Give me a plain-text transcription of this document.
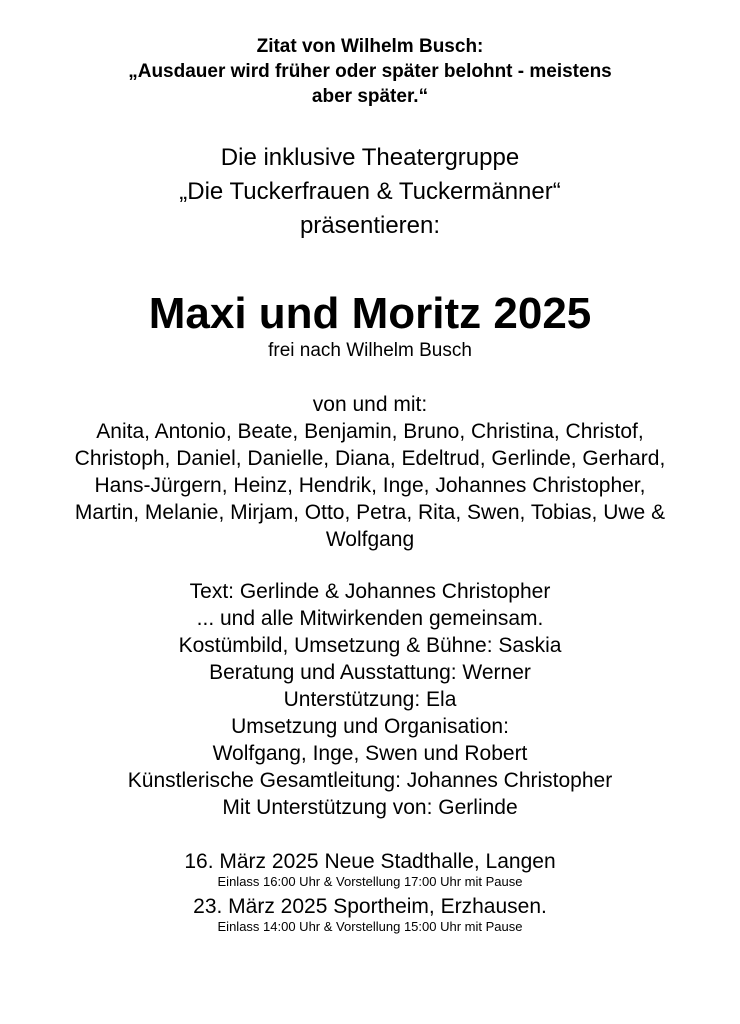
Zitat von Wilhelm Busch:
„Ausdauer wird früher oder später belohnt - meistens
aber später.“
Die inklusive Theatergruppe
„Die Tuckerfrauen & Tuckermänner“
präsentieren:
Maxi und Moritz 2025
frei nach Wilhelm Busch
von und mit:
Anita, Antonio, Beate, Benjamin, Bruno, Christina, Christof,
Christoph, Daniel, Danielle, Diana, Edeltrud, Gerlinde, Gerhard,
Hans-Jürgern, Heinz, Hendrik, Inge, Johannes Christopher,
Martin, Melanie, Mirjam, Otto, Petra, Rita, Swen, Tobias, Uwe &
Wolfgang
Text: Gerlinde & Johannes Christopher
... und alle Mitwirkenden gemeinsam.
Kostümbild, Umsetzung & Bühne: Saskia
Beratung und Ausstattung: Werner
Unterstützung: Ela
Umsetzung und Organisation:
Wolfgang, Inge, Swen und Robert
Künstlerische Gesamtleitung: Johannes Christopher
Mit Unterstützung von: Gerlinde
16. März 2025 Neue Stadthalle, Langen
Einlass 16:00 Uhr & Vorstellung 17:00 Uhr mit Pause
23. März 2025 Sportheim, Erzhausen.
Einlass 14:00 Uhr & Vorstellung 15:00 Uhr mit Pause
